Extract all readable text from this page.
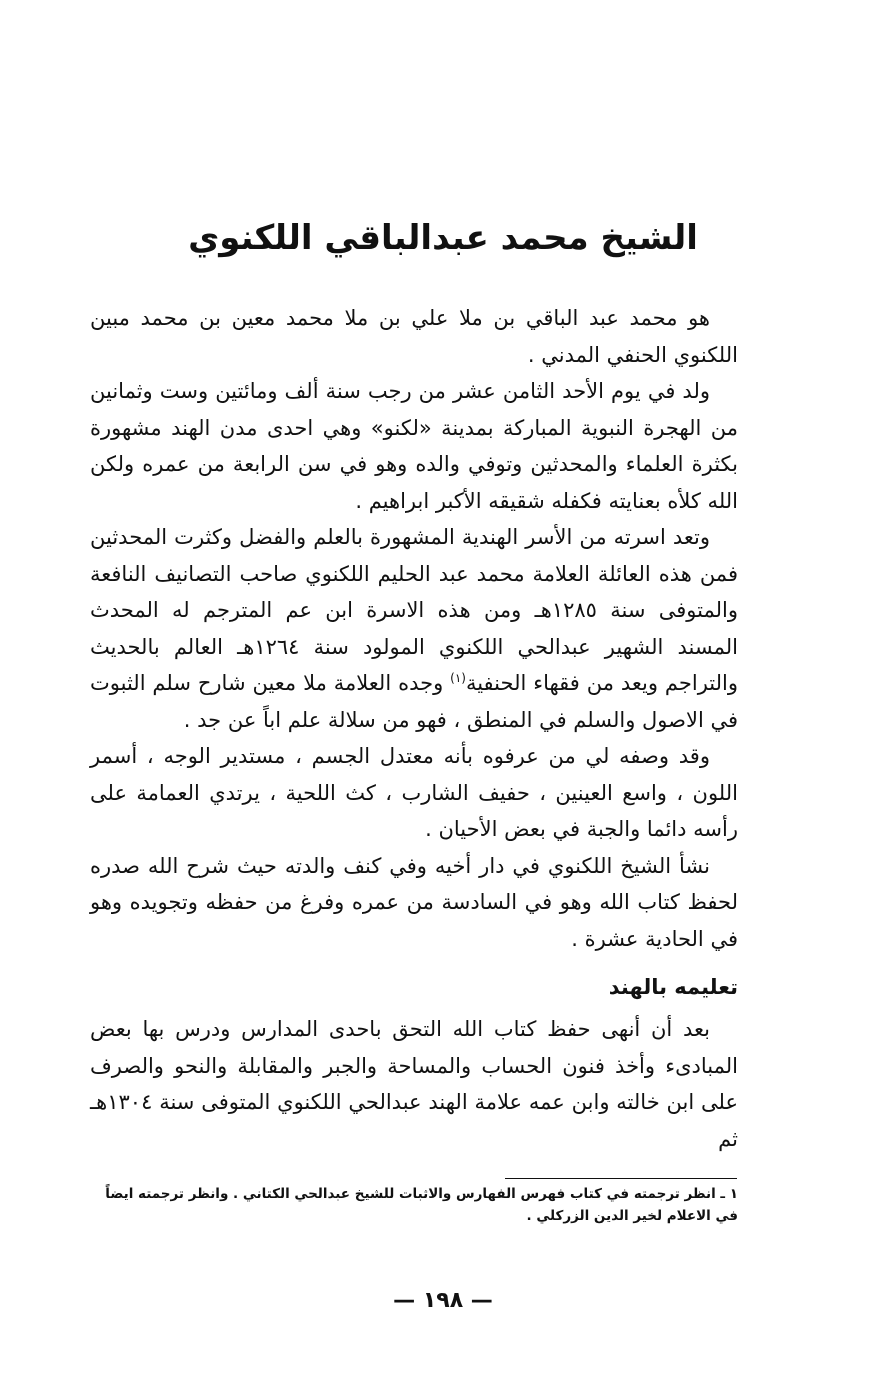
الشيخ محمد عبدالباقي اللكنوي

هو محمد عبد الباقي بن ملا علي بن ملا محمد معين بن محمد مبين اللكنوي الحنفي المدني .

ولد في يوم الأحد الثامن عشر من رجب سنة ألف ومائتين وست وثمانين من الهجرة النبوية المباركة بمدينة «لكنو» وهي احدى مدن الهند مشهورة بكثرة العلماء والمحدثين وتوفي والده وهو في سن الرابعة من عمره ولكن الله كلأه بعنايته فكفله شقيقه الأكبر ابراهيم .

وتعد اسرته من الأسر الهندية المشهورة بالعلم والفضل وكثرت المحدثين فمن هذه العائلة العلامة محمد عبد الحليم اللكنوي صاحب التصانيف النافعة والمتوفى سنة ١٢٨٥هـ ومن هذه الاسرة ابن عم المترجم له المحدث المسند الشهير عبدالحي اللكنوي المولود سنة ١٢٦٤هـ العالم بالحديث والتراجم ويعد من فقهاء الحنفية$^{(١)}$ وجده العلامة ملا معين شارح سلم الثبوت في الاصول والسلم في المنطق ، فهو من سلالة علم اباً عن جد .

وقد وصفه لي من عرفوه بأنه معتدل الجسم ، مستدير الوجه ، أسمر اللون ، واسع العينين ، حفيف الشارب ، كث اللحية ، يرتدي العمامة على رأسه دائما والجبة في بعض الأحيان .

نشأ الشيخ اللكنوي في دار أخيه وفي كنف والدته حيث شرح الله صدره لحفظ كتاب الله وهو في السادسة من عمره وفرغ من حفظه وتجويده وهو في الحادية عشرة .

تعليمه بالهند

بعد أن أنهى حفظ كتاب الله التحق باحدى المدارس ودرس بها بعض المبادىء وأخذ فنون الحساب والمساحة والجبر والمقابلة والنحو والصرف على ابن خالته وابن عمه علامة الهند عبدالحي اللكنوي المتوفى سنة ١٣٠٤هـ ثم

١ ـ انظر ترجمته في كتاب فهرس الفهارس والاثبات للشيخ عبدالحي الكتاني . وانظر ترجمته ايضاً في الاعلام لخير الدين الزركلي .
— ١٩٨ —
